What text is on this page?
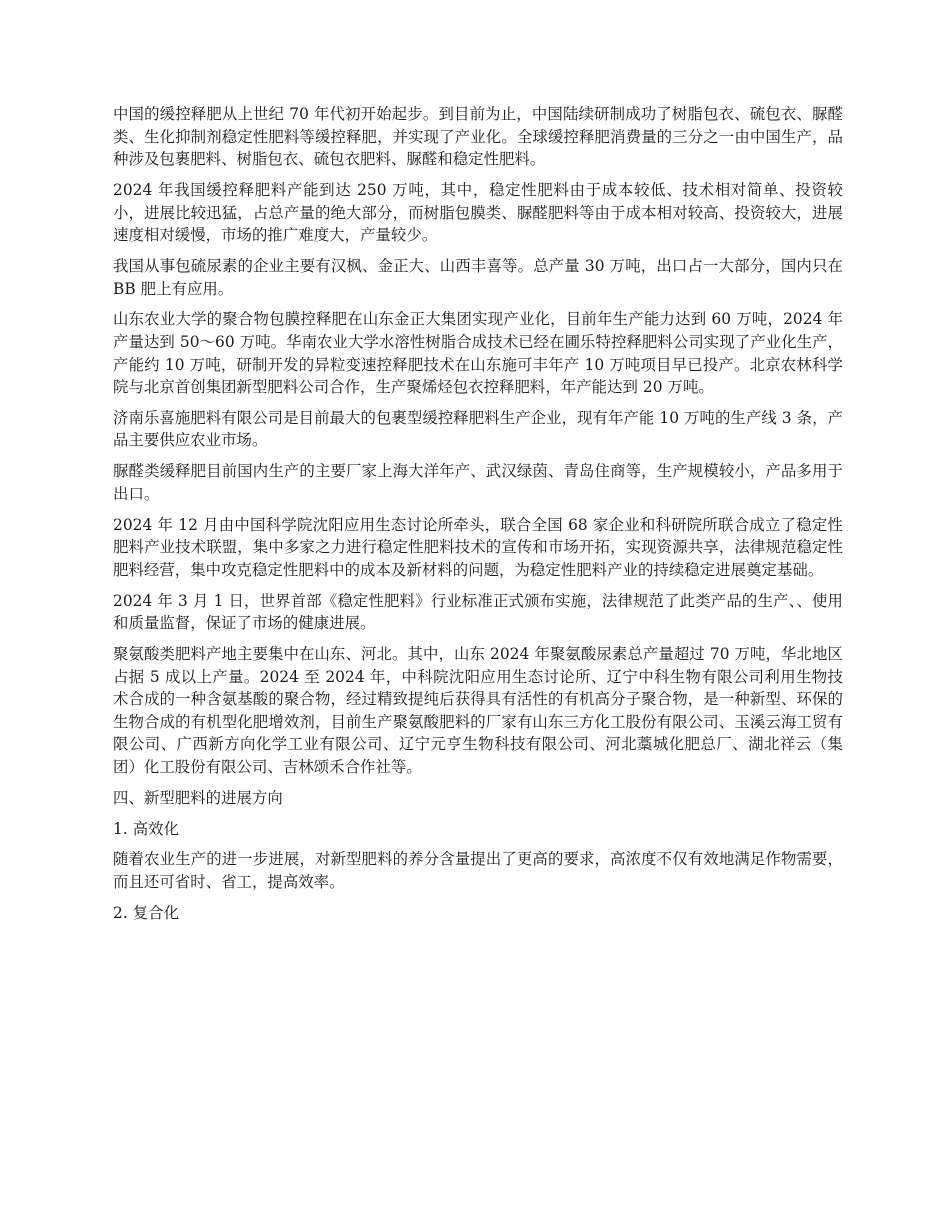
中国的缓控释肥从上世纪 70 年代初开始起步。到目前为止，中国陆续研制成功了树脂包衣、硫包衣、脲醛类、生化抑制剂稳定性肥料等缓控释肥，并实现了产业化。全球缓控释肥消费量的三分之一由中国生产，品种涉及包裹肥料、树脂包衣、硫包衣肥料、脲醛和稳定性肥料。

2024 年我国缓控释肥料产能到达 250 万吨，其中，稳定性肥料由于成本较低、技术相对简单、投资较小，进展比较迅猛，占总产量的绝大部分，而树脂包膜类、脲醛肥料等由于成本相对较高、投资较大，进展速度相对缓慢，市场的推广难度大，产量较少。

我国从事包硫尿素的企业主要有汉枫、金正大、山西丰喜等。总产量 30 万吨，出口占一大部分，国内只在 BB 肥上有应用。

山东农业大学的聚合物包膜控释肥在山东金正大集团实现产业化，目前年生产能力达到 60 万吨，2024 年产量达到 50～60 万吨。华南农业大学水溶性树脂合成技术已经在圃乐特控释肥料公司实现了产业化生产，产能约 10 万吨，研制开发的异粒变速控释肥技术在山东施可丰年产 10 万吨项目早已投产。北京农林科学院与北京首创集团新型肥料公司合作，生产聚烯烃包衣控释肥料，年产能达到 20 万吨。

济南乐喜施肥料有限公司是目前最大的包裹型缓控释肥料生产企业，现有年产能 10 万吨的生产线 3 条，产品主要供应农业市场。

脲醛类缓释肥目前国内生产的主要厂家上海大洋年产、武汉绿茵、青岛住商等，生产规模较小，产品多用于出口。

2024 年 12 月由中国科学院沈阳应用生态讨论所牵头，联合全国 68 家企业和科研院所联合成立了稳定性肥料产业技术联盟，集中多家之力进行稳定性肥料技术的宣传和市场开拓，实现资源共享，法律规范稳定性肥料经营，集中攻克稳定性肥料中的成本及新材料的问题，为稳定性肥料产业的持续稳定进展奠定基础。

2024 年 3 月 1 日，世界首部《稳定性肥料》行业标准正式颁布实施，法律规范了此类产品的生产、、使用和质量监督，保证了市场的健康进展。

聚氨酸类肥料产地主要集中在山东、河北。其中，山东 2024 年聚氨酸尿素总产量超过 70 万吨，华北地区占据 5 成以上产量。2024 至 2024 年，中科院沈阳应用生态讨论所、辽宁中科生物有限公司利用生物技术合成的一种含氨基酸的聚合物，经过精致提纯后获得具有活性的有机高分子聚合物，是一种新型、环保的生物合成的有机型化肥增效剂，目前生产聚氨酸肥料的厂家有山东三方化工股份有限公司、玉溪云海工贸有限公司、广西新方向化学工业有限公司、辽宁元亨生物科技有限公司、河北藁城化肥总厂、湖北祥云（集团）化工股份有限公司、吉林颂禾合作社等。

四、新型肥料的进展方向

1. 高效化

随着农业生产的进一步进展，对新型肥料的养分含量提出了更高的要求，高浓度不仅有效地满足作物需要，而且还可省时、省工，提高效率。

2. 复合化
